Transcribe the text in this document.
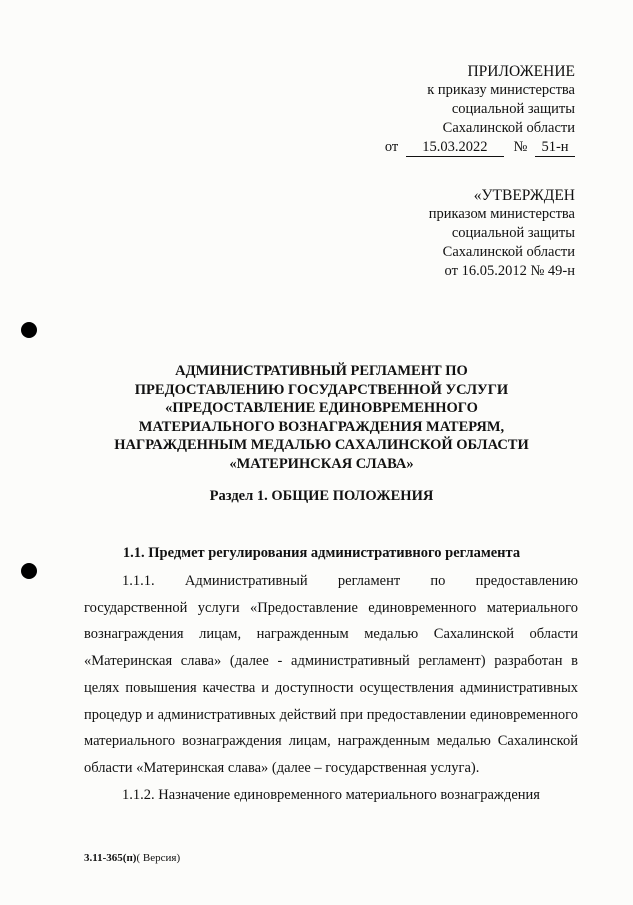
ПРИЛОЖЕНИЕ
к приказу министерства
социальной защиты
Сахалинской области
от 15.03.2022 № 51-н
«УТВЕРЖДЕН
приказом министерства
социальной защиты
Сахалинской области
от 16.05.2012 № 49-н
АДМИНИСТРАТИВНЫЙ РЕГЛАМЕНТ ПО
ПРЕДОСТАВЛЕНИЮ ГОСУДАРСТВЕННОЙ УСЛУГИ
«ПРЕДОСТАВЛЕНИЕ ЕДИНОВРЕМЕННОГО
МАТЕРИАЛЬНОГО ВОЗНАГРАЖДЕНИЯ МАТЕРЯМ,
НАГРАЖДЕННЫМ МЕДАЛЬЮ САХАЛИНСКОЙ ОБЛАСТИ
«МАТЕРИНСКАЯ СЛАВА»
Раздел 1. ОБЩИЕ ПОЛОЖЕНИЯ
1.1. Предмет регулирования административного регламента

1.1.1. Административный регламент по предоставлению государственной услуги «Предоставление единовременного материального вознаграждения лицам, награжденным медалью Сахалинской области «Материнская слава» (далее - административный регламент) разработан в целях повышения качества и доступности осуществления административных процедур и административных действий при предоставлении единовременного материального вознаграждения лицам, награжденным медалью Сахалинской области «Материнская слава» (далее – государственная услуга).

1.1.2. Назначение единовременного материального вознаграждения

3.11-365(п)( Версия)
